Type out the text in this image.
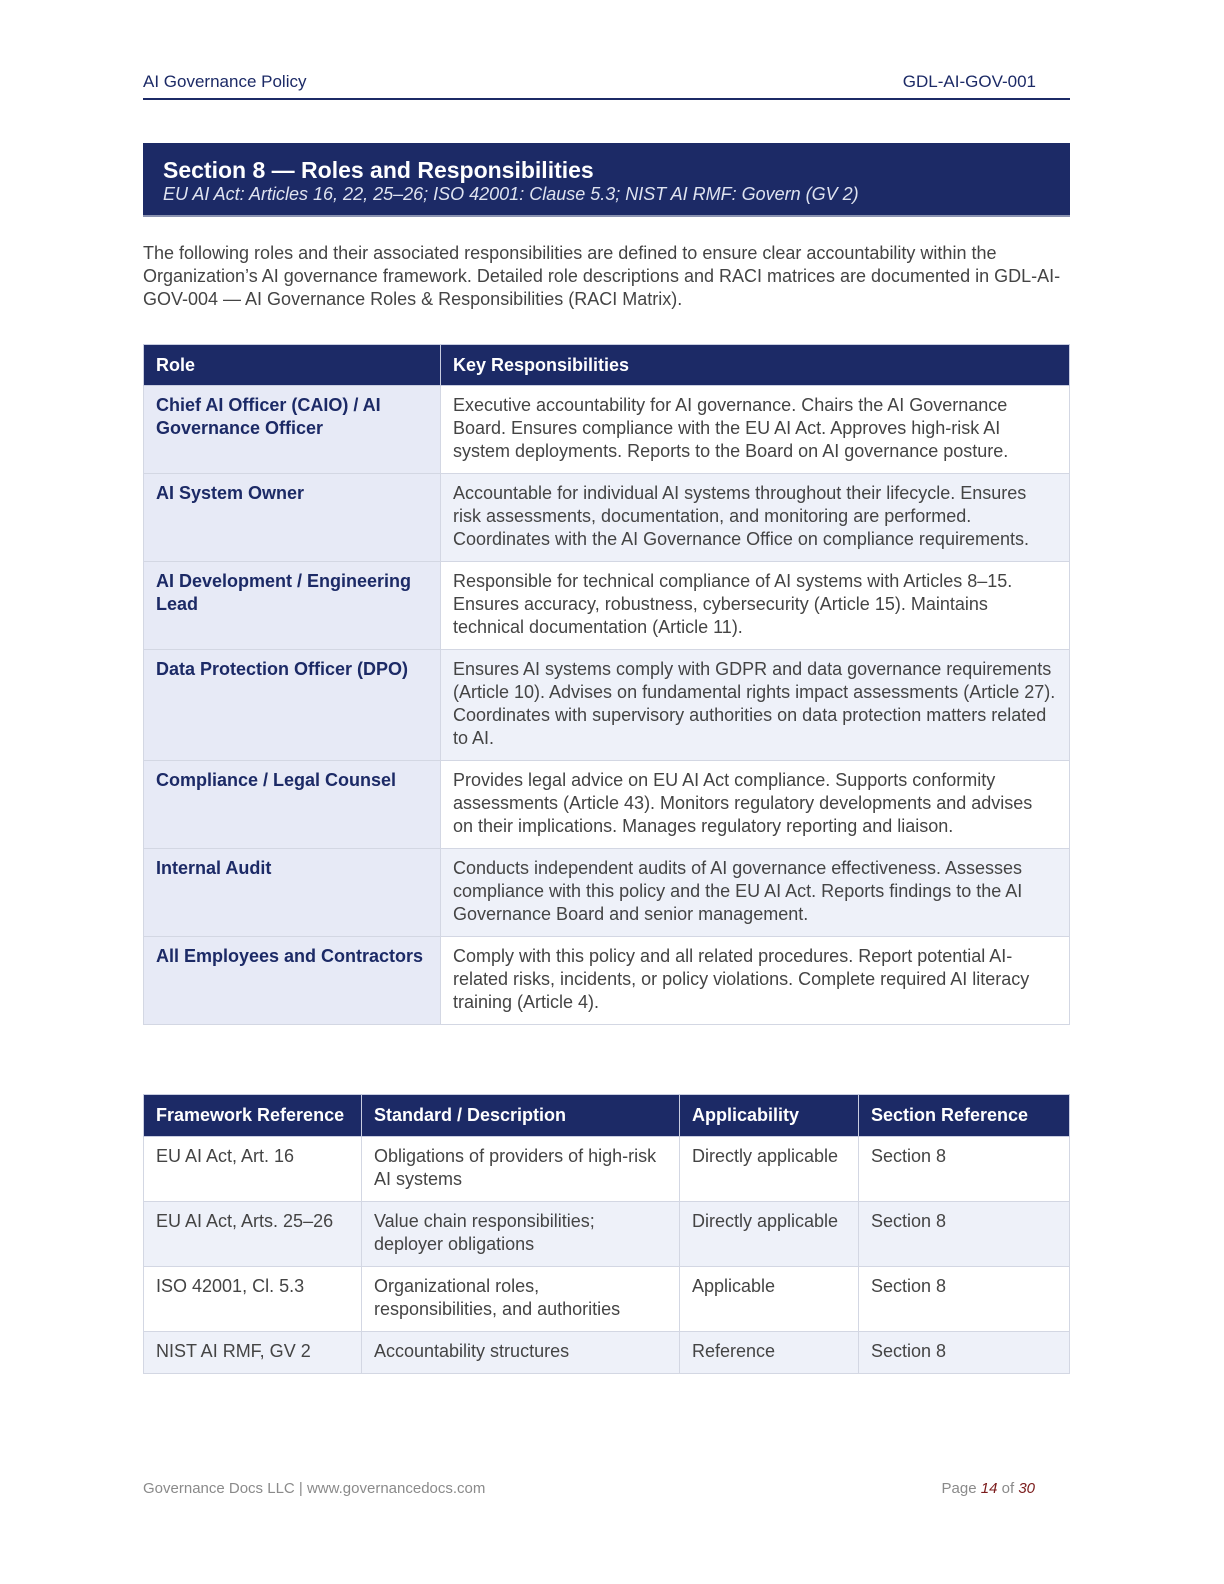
AI Governance Policy	GDL-AI-GOV-001
Section 8 — Roles and Responsibilities
EU AI Act: Articles 16, 22, 25–26; ISO 42001: Clause 5.3; NIST AI RMF: Govern (GV 2)

The following roles and their associated responsibilities are defined to ensure clear accountability within the Organization’s AI governance framework. Detailed role descriptions and RACI matrices are documented in GDL-AI-GOV-004 — AI Governance Roles & Responsibilities (RACI Matrix).

Role	Key Responsibilities
Chief AI Officer (CAIO) / AI Governance Officer	Executive accountability for AI governance. Chairs the AI Governance Board. Ensures compliance with the EU AI Act. Approves high-risk AI system deployments. Reports to the Board on AI governance posture.
AI System Owner	Accountable for individual AI systems throughout their lifecycle. Ensures risk assessments, documentation, and monitoring are performed. Coordinates with the AI Governance Office on compliance requirements.
AI Development / Engineering Lead	Responsible for technical compliance of AI systems with Articles 8–15. Ensures accuracy, robustness, cybersecurity (Article 15). Maintains technical documentation (Article 11).
Data Protection Officer (DPO)	Ensures AI systems comply with GDPR and data governance requirements (Article 10). Advises on fundamental rights impact assessments (Article 27). Coordinates with supervisory authorities on data protection matters related to AI.
Compliance / Legal Counsel	Provides legal advice on EU AI Act compliance. Supports conformity assessments (Article 43). Monitors regulatory developments and advises on their implications. Manages regulatory reporting and liaison.
Internal Audit	Conducts independent audits of AI governance effectiveness. Assesses compliance with this policy and the EU AI Act. Reports findings to the AI Governance Board and senior management.
All Employees and Contractors	Comply with this policy and all related procedures. Report potential AI-related risks, incidents, or policy violations. Complete required AI literacy training (Article 4).
Framework Reference	Standard / Description	Applicability	Section Reference
EU AI Act, Art. 16	Obligations of providers of high-risk AI systems	Directly applicable	Section 8
EU AI Act, Arts. 25–26	Value chain responsibilities; deployer obligations	Directly applicable	Section 8
ISO 42001, Cl. 5.3	Organizational roles, responsibilities, and authorities	Applicable	Section 8
NIST AI RMF, GV 2	Accountability structures	Reference	Section 8
Governance Docs LLC | www.governancedocs.com	Page 14 of 30
